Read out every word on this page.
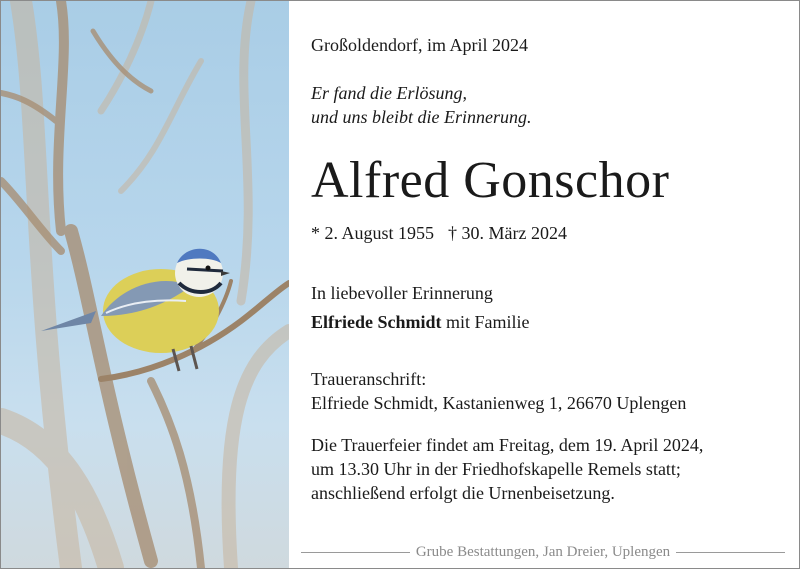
Großoldendorf, im April 2024
Er fand die Erlösung,
und uns bleibt die Erinnerung.
Alfred Gonschor
* 2. August 1955 † 30. März 2024
In liebevoller Erinnerung
Elfriede Schmidt mit Familie
Traueranschrift:
Elfriede Schmidt, Kastanienweg 1, 26670 Uplengen
Die Trauerfeier findet am Freitag, dem 19. April 2024,
um 13.30 Uhr in der Friedhofskapelle Remels statt;
anschließend erfolgt die Urnenbeisetzung.
Grube Bestattungen, Jan Dreier, Uplengen
